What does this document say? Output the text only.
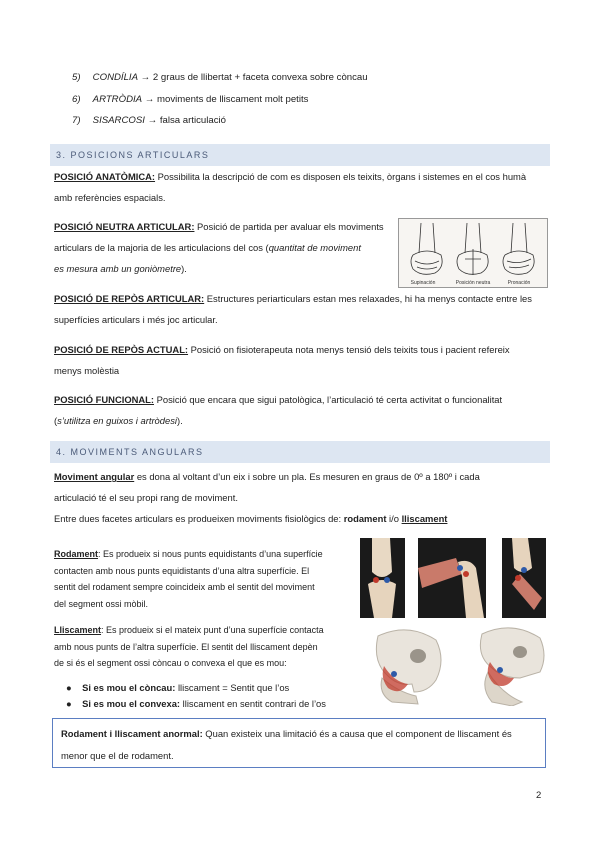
5) CONDÍLIA → 2 graus de llibertat + faceta convexa sobre còncau
6) ARTRÒDIA → moviments de lliscament molt petits
7) SISARCOSI → falsa articulació
3. POSICIONS ARTICULARS
POSICIÓ ANATÒMICA: Possibilita la descripció de com es disposen els teixits, òrgans i sistemes en el cos humà
amb referències espacials.
POSICIÓ NEUTRA ARTICULAR: Posició de partida per avaluar els moviments
articulars de la majoria de les articulacions del cos (quantitat de moviment
es mesura amb un goniòmetre).
Supinación	Posición neutra	Pronación
POSICIÓ DE REPÒS ARTICULAR: Estructures periarticulars estan mes relaxades, hi ha menys contacte entre les
superfícies articulars i més joc articular.
POSICIÓ DE REPÒS ACTUAL: Posició on fisioterapeuta nota menys tensió dels teixits tous i pacient refereix
menys molèstia
POSICIÓ FUNCIONAL: Posició que encara que sigui patològica, l’articulació té certa activitat o funcionalitat
(s’utilitza en guixos i artròdesi).
4. MOVIMENTS ANGULARS
Moviment angular es dona al voltant d’un eix i sobre un pla. Es mesuren en graus de 0º a 180º i cada
articulació té el seu propi rang de moviment.
Entre dues facetes articulars es produeixen moviments fisiològics de: rodament i/o lliscament
Rodament: Es produeix si nous punts equidistants d’una superfície
contacten amb nous punts equidistants d’una altra superfície. El
sentit del rodament sempre coincideix amb el sentit del moviment
del segment ossi mòbil.
Lliscament: Es produeix si el mateix punt d’una superfície contacta
amb nous punts de l’altra superfície. El sentit del lliscament depèn
de si és el segment ossi còncau o convexa el que es mou:
● Si es mou el còncau: lliscament = Sentit que l’os
● Si es mou el convexa: lliscament en sentit contrari de l’os
Rodament i lliscament anormal: Quan existeix una limitació és a causa que el component de lliscament és
menor que el de rodament.
2
